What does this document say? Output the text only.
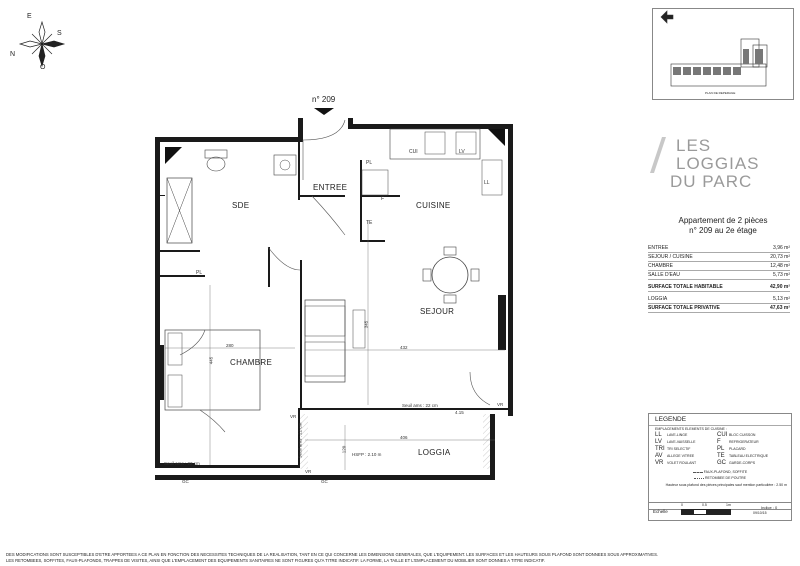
E
S
N
O
n° 209
SDE
ENTREE
CUISINE
SEJOUR
CHAMBRE
LOGGIA
PL
PL
F
TE
CUI	LV
LL
VR
VR
VR
GC	GC
280
445
432
345
406
120
4.15
HSFP : 2.10 m
Seuil ams : 22 cm
Seuil ams : 22 cm
Seuil ams : 22 cm
PLAN DE REPERAGE
LES LOGGIAS
DU PARC
Appartement de 2 pièces
n° 209 au 2e étage
ENTREE	3,96 m²
SEJOUR / CUISINE	20,73 m²
CHAMBRE	12,48 m²
SALLE D'EAU	5,73 m²
SURFACE TOTALE HABITABLE	42,90 m²
LOGGIA	5,13 m²
SURFACE TOTALE PRIVATIVE	47,63 m²
LEGENDE
EMPLACEMENTS ELEMENTS DE CUISINE :
LL	LAVE-LINGE	CUI BLOC CUISSON
LV	LAVE-VAISSELLE	F	REFRIGERATEUR
TRI TRI SELECTIF	PL	PLACARD
AV	ALLEGE VITREE	TE	TABLEAU ELECTRIQUE
VR	VOLET ROULANT	GC GARDE-CORPS
FAUX-PLAFOND, SOFFITE
RETOMBEE DE POUTRE
Hauteur sous plafond des pièces principales sauf mention particulière : 2.50 m
Echelle
0	0.5	1m
09/10/15
Indice : 0
DES MODIFICATIONS SONT SUSCEPTIBLES D'ETRE APPORTEES A CE PLAN EN FONCTION DES NECESSITES TECHNIQUES DE LA REALISATION, TANT EN CE QUI CONCERNE LES DIMENSIONS GENERALES, QUE L'EQUIPEMENT. LES SURFACES ET LES HAUTEURS SOUS PLAFOND SONT DONNEES SOUS APPROXIMATIVES. LES RETOMBEES, SOFFITES, FAUX-PLAFONDS, TRAPPES DE VISITES, AINSI QUE L'EMPLACEMENT DES EQUIPEMENTS SANITAIRES NE SONT FIGURES QU'A TITRE INDICATIF. LA FORME, LA TAILLE ET L'EMPLACEMENT DU MOBILIER SONT DONNES A TITRE INDICATIF.
